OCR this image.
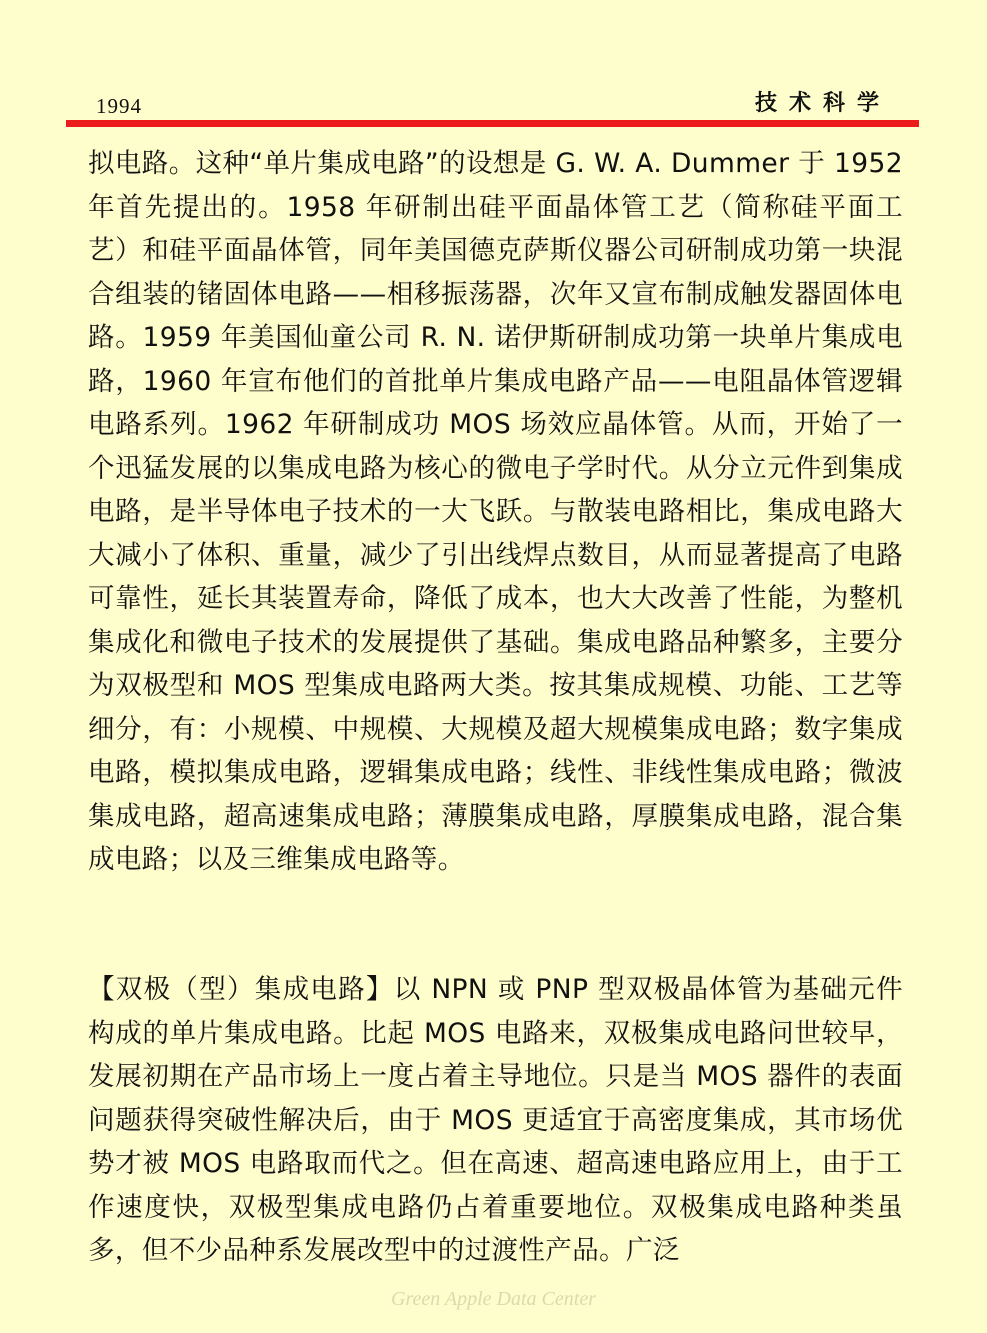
1994	技术科学

拟电路。这种“单片集成电路”的设想是 G. W. A. Dummer 于 1952 年首先提出的。1958 年研制出硅平面晶体管工艺（简称硅平面工艺）和硅平面晶体管，同年美国德克萨斯仪器公司研制成功第一块混合组装的锗固体电路——相移振荡器，次年又宣布制成触发器固体电路。1959 年美国仙童公司 R. N. 诺伊斯研制成功第一块单片集成电路，1960 年宣布他们的首批单片集成电路产品——电阻晶体管逻辑电路系列。1962 年研制成功 MOS 场效应晶体管。从而，开始了一个迅猛发展的以集成电路为核心的微电子学时代。从分立元件到集成电路，是半导体电子技术的一大飞跃。与散装电路相比，集成电路大大减小了体积、重量，减少了引出线焊点数目，从而显著提高了电路可靠性，延长其装置寿命，降低了成本，也大大改善了性能，为整机集成化和微电子技术的发展提供了基础。集成电路品种繁多，主要分为双极型和 MOS 型集成电路两大类。按其集成规模、功能、工艺等细分，有：小规模、中规模、大规模及超大规模集成电路；数字集成电路，模拟集成电路，逻辑集成电路；线性、非线性集成电路；微波集成电路，超高速集成电路；薄膜集成电路，厚膜集成电路，混合集成电路；以及三维集成电路等。

【双极（型）集成电路】以 NPN 或 PNP 型双极晶体管为基础元件构成的单片集成电路。比起 MOS 电路来，双极集成电路问世较早，发展初期在产品市场上一度占着主导地位。只是当 MOS 器件的表面问题获得突破性解决后，由于 MOS 更适宜于高密度集成，其市场优势才被 MOS 电路取而代之。但在高速、超高速电路应用上，由于工作速度快，双极型集成电路仍占着重要地位。双极集成电路种类虽多，但不少品种系发展改型中的过渡性产品。广泛

Green Apple Data Center
